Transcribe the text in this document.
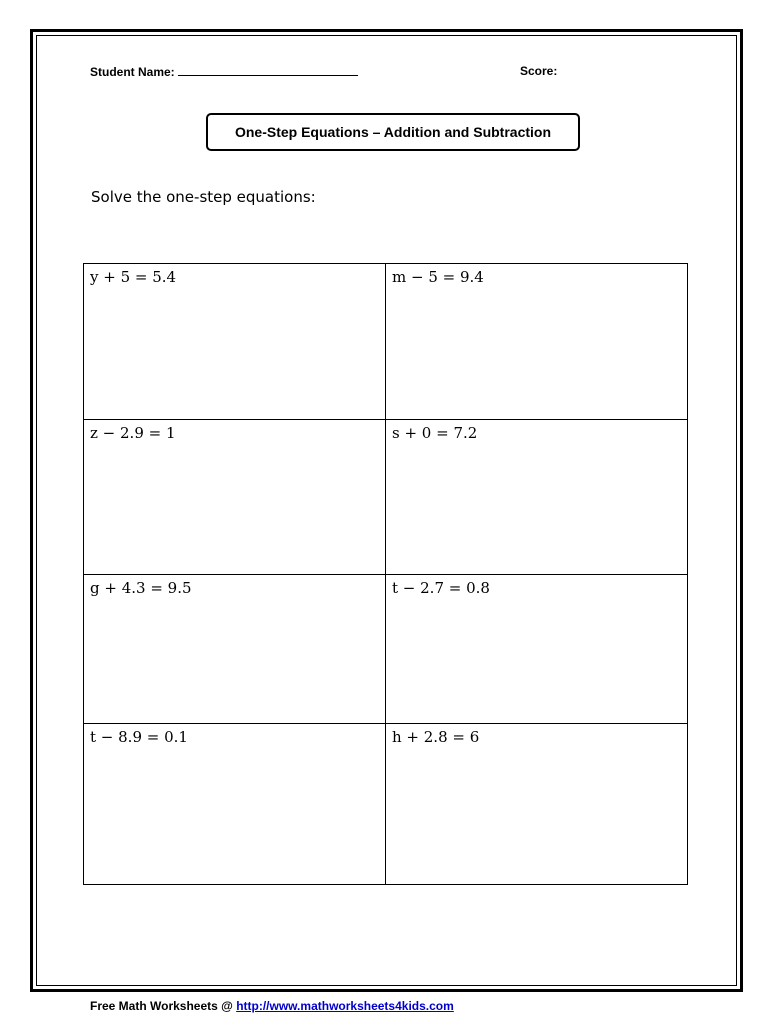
Student Name:	Score:
One-Step Equations – Addition and Subtraction
Solve the one-step equations:
y + 5 = 5.4	m − 5 = 9.4
z − 2.9 = 1	s + 0 = 7.2
g + 4.3 = 9.5	t − 2.7 = 0.8
t − 8.9 = 0.1	h + 2.8 = 6
Free Math Worksheets @ http://www.mathworksheets4kids.com
